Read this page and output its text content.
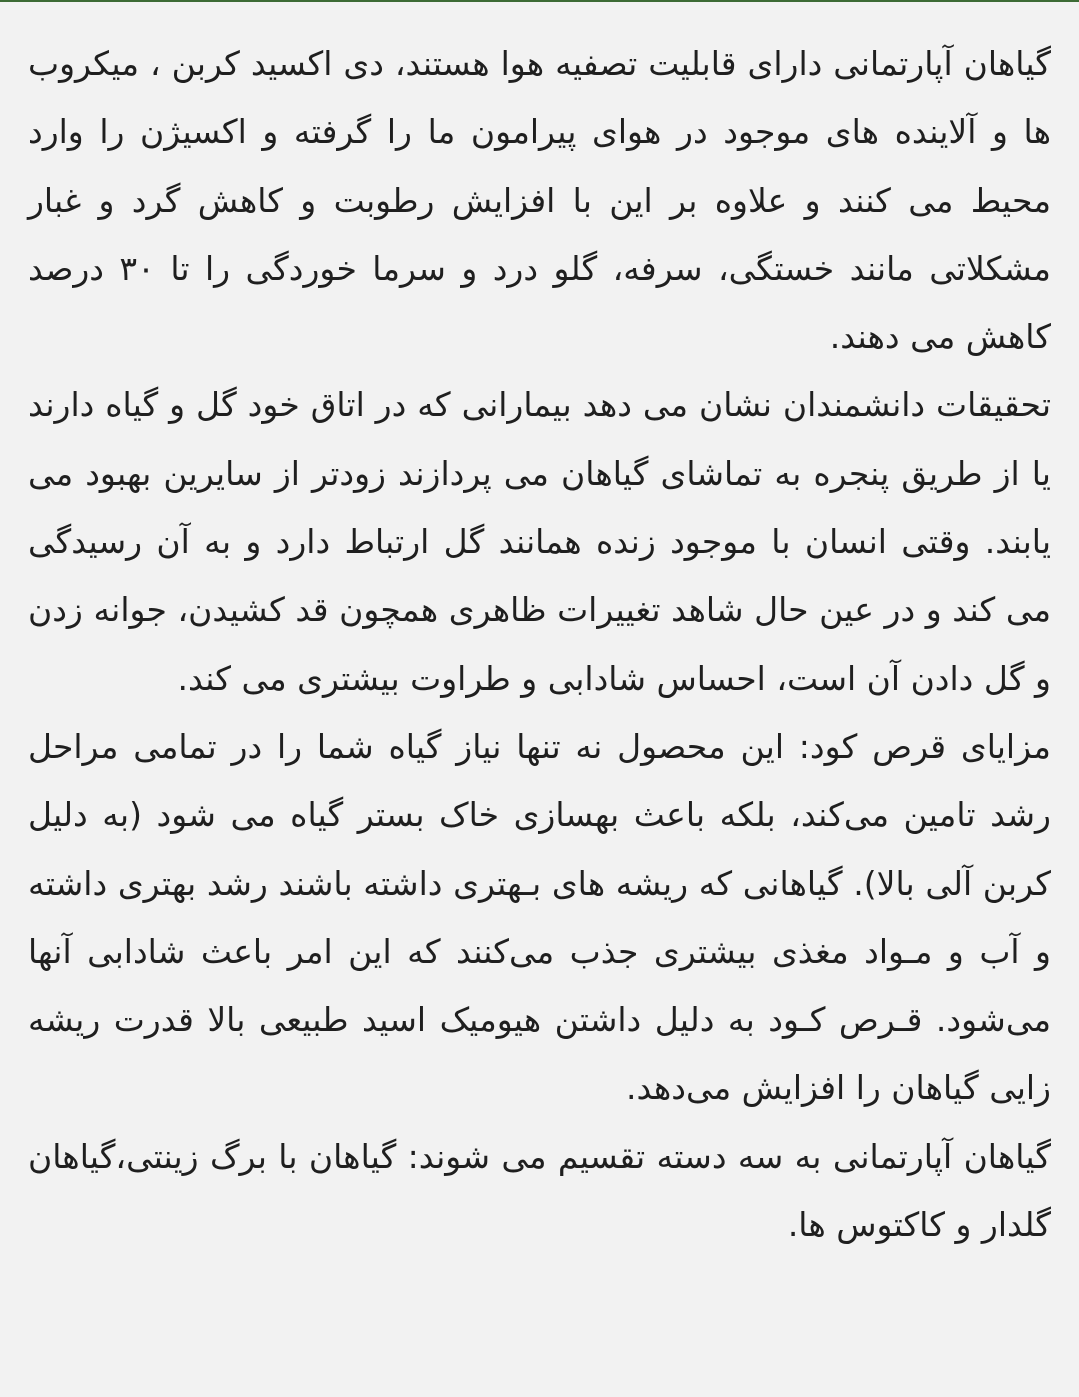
گیاهان آپارتمانی دارای قابلیت تصفیه هوا هستند، دی اکسید کربن ، میکروب ها و آلاینده های موجود در هوای پیرامون ما را گرفته و اکسیژن را وارد محیط می کنند و علاوه بر این با افزایش رطوبت و کاهش گرد و غبار مشکلاتی مانند خستگی، سرفه، گلو درد و سرما خوردگی را تا ۳۰ درصد کاهش می دهند.

تحقیقات دانشمندان نشان می دهد بیمارانی که در اتاق خود گل و گیاه دارند یا از طریق پنجره به تماشای گیاهان می پردازند زودتر از سایرین بهبود می یابند. وقتی انسان با موجود زنده همانند گل ارتباط دارد و به آن رسیدگی می کند و در عین حال شاهد تغییرات ظاهری همچون قد کشیدن، جوانه زدن و گل دادن آن است، احساس شادابی و طراوت بیشتری می کند.

مزایای قرص کود: این محصول نه تنها نیاز گیاه شما را در تمامی مراحل رشد تامین می‌کند، بلکه باعث بهسازی خاک بستر گیاه می شود (به دلیل کربن آلی بالا). گیاهانی که ریشه های بـهتری داشته باشند رشد بهتری داشته و آب و مـواد مغذی بیشتری جذب می‌کنند که این امر باعث شادابی آنها می‌شود. قـرص کـود به دلیل داشتن هیومیک اسید طبیعی بالا قدرت ریشه زایی گیاهان را افزایش می‌دهد.

گیاهان آپارتمانی به سه دسته تقسیم می شوند: گیاهان با برگ زینتی،گیاهان گلدار و کاکتوس ها.
